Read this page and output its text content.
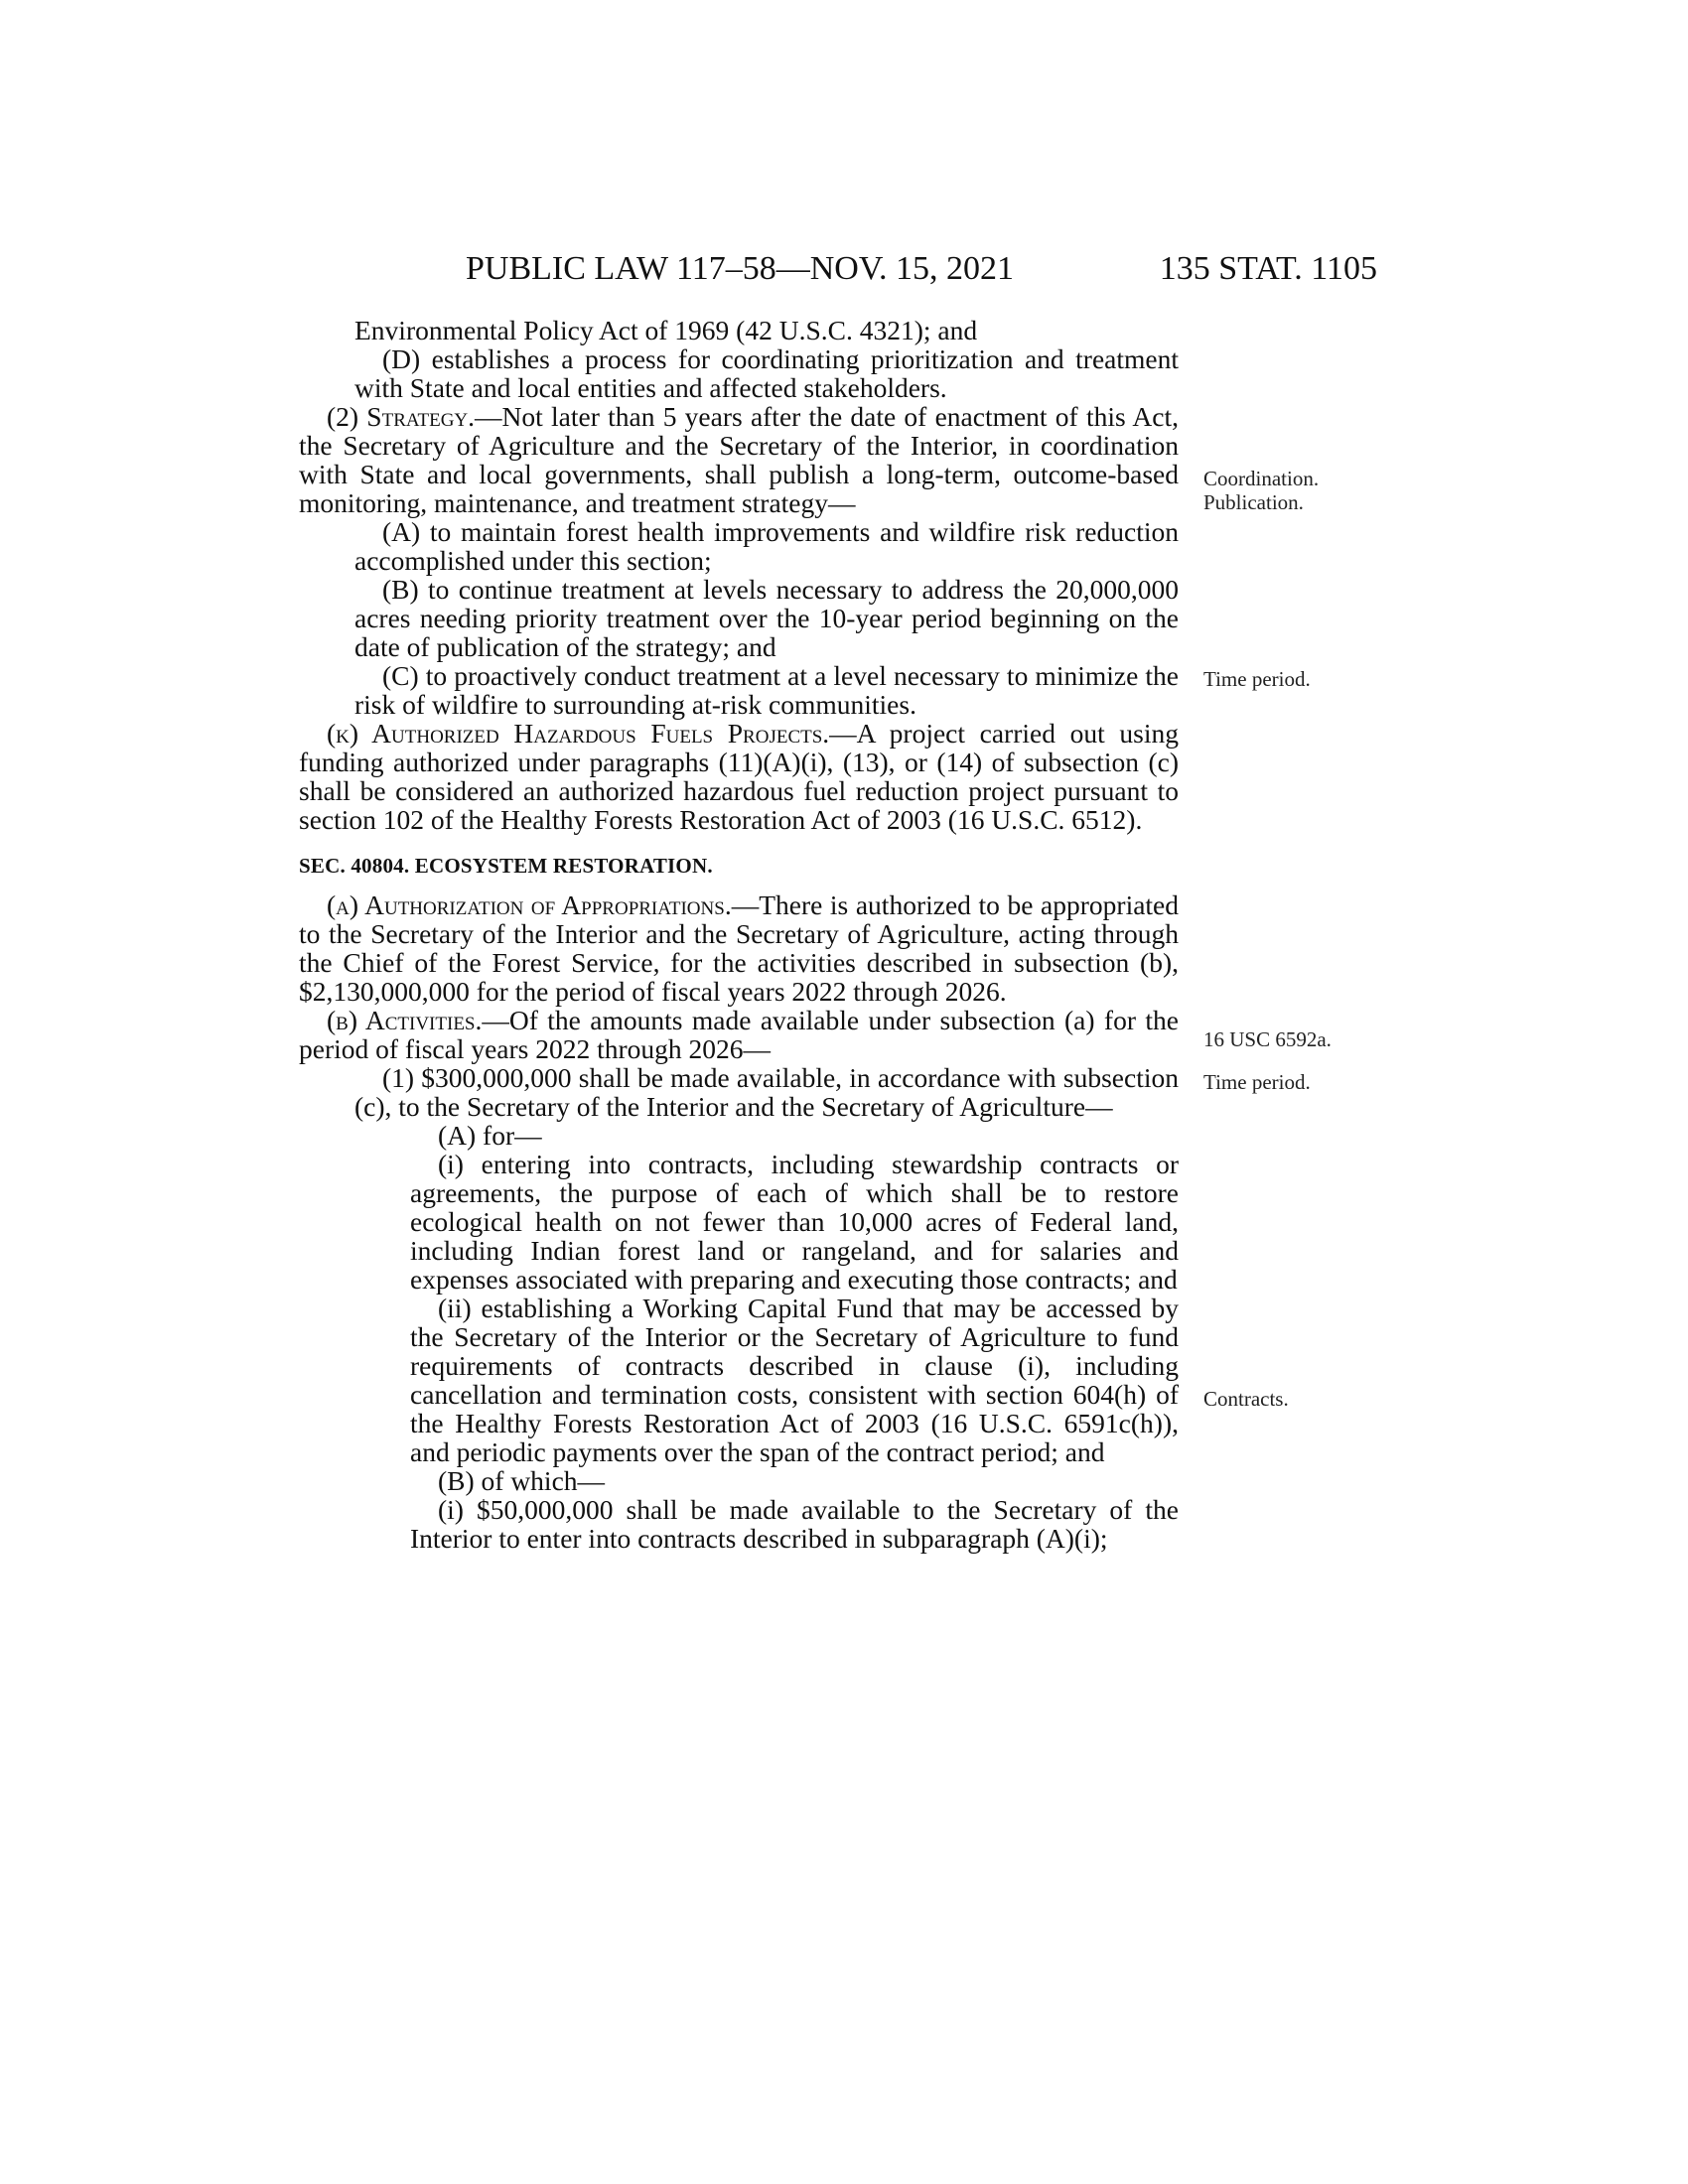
PUBLIC LAW 117–58—NOV. 15, 2021	135 STAT. 1105

Environmental Policy Act of 1969 (42 U.S.C. 4321); and

(D) establishes a process for coordinating prioritization and treatment with State and local entities and affected stakeholders.

(2) Strategy.—Not later than 5 years after the date of enactment of this Act, the Secretary of Agriculture and the Secretary of the Interior, in coordination with State and local governments, shall publish a long-term, outcome-based monitoring, maintenance, and treatment strategy—

(A) to maintain forest health improvements and wildfire risk reduction accomplished under this section;

(B) to continue treatment at levels necessary to address the 20,000,000 acres needing priority treatment over the 10-year period beginning on the date of publication of the strategy; and

(C) to proactively conduct treatment at a level necessary to minimize the risk of wildfire to surrounding at-risk communities.

(k) Authorized Hazardous Fuels Projects.—A project carried out using funding authorized under paragraphs (11)(A)(i), (13), or (14) of subsection (c) shall be considered an authorized hazardous fuel reduction project pursuant to section 102 of the Healthy Forests Restoration Act of 2003 (16 U.S.C. 6512).

SEC. 40804. ECOSYSTEM RESTORATION.

(a) Authorization of Appropriations.—There is authorized to be appropriated to the Secretary of the Interior and the Secretary of Agriculture, acting through the Chief of the Forest Service, for the activities described in subsection (b), $2,130,000,000 for the period of fiscal years 2022 through 2026.

(b) Activities.—Of the amounts made available under subsection (a) for the period of fiscal years 2022 through 2026—

(1) $300,000,000 shall be made available, in accordance with subsection (c), to the Secretary of the Interior and the Secretary of Agriculture—

(A) for—

(i) entering into contracts, including stewardship contracts or agreements, the purpose of each of which shall be to restore ecological health on not fewer than 10,000 acres of Federal land, including Indian forest land or rangeland, and for salaries and expenses associated with preparing and executing those contracts; and

(ii) establishing a Working Capital Fund that may be accessed by the Secretary of the Interior or the Secretary of Agriculture to fund requirements of contracts described in clause (i), including cancellation and termination costs, consistent with section 604(h) of the Healthy Forests Restoration Act of 2003 (16 U.S.C. 6591c(h)), and periodic payments over the span of the contract period; and

(B) of which—

(i) $50,000,000 shall be made available to the Secretary of the Interior to enter into contracts described in subparagraph (A)(i);

Coordination.
Publication.
Time period.
16 USC 6592a.
Time period.
Contracts.
